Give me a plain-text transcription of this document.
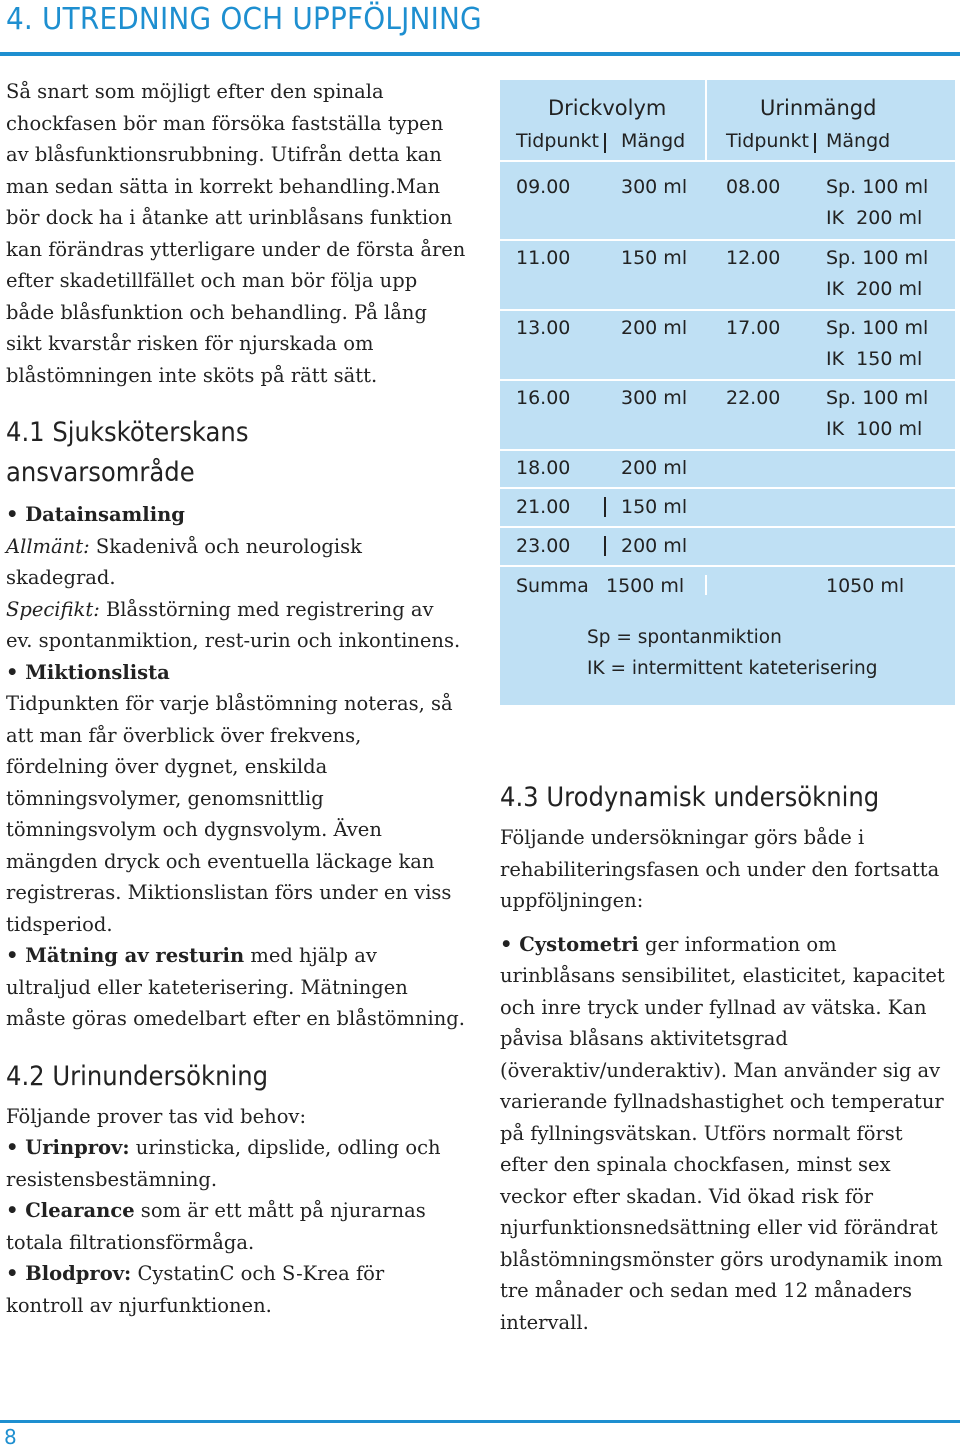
4. UTREDNING OCH UPPFÖLJNING

Så snart som möjligt efter den spinala chockfasen bör man försöka fastställa typen av blåsfunktionsrubbning. Utifrån detta kan man sedan sätta in korrekt behandling.Man bör dock ha i åtanke att urinblåsans funktion kan förändras ytterligare under de första åren efter skadetillfället och man bör följa upp både blåsfunktion och behandling. På lång sikt kvarstår risken för njurskada om blåstömningen inte sköts på rätt sätt.

4.1 Sjuksköterskans ansvarsområde

• Datainsamling

Allmänt: Skadenivå och neurologisk skadegrad.

Specifikt: Blåsstörning med registrering av ev. spontanmiktion, rest-urin och inkontinens.

• Miktionslista

Tidpunkten för varje blåstömning noteras, så att man får överblick över frekvens, fördelning över dygnet, enskilda tömningsvolymer, genomsnittlig tömningsvolym och dygnsvolym. Även mängden dryck och eventuella läckage kan registreras. Miktionslistan förs under en viss tidsperiod.

• Mätning av resturin med hjälp av ultraljud eller kateterisering. Mätningen måste göras omedelbart efter en blåstömning.

4.2 Urinundersökning

Följande prover tas vid behov:

• Urinprov: urinsticka, dipslide, odling och resistensbestämning.

• Clearance som är ett mått på njurarnas totala filtrationsförmåga.

• Blodprov: CystatinC och S-Krea för kontroll av njurfunktionen.

Drickvolym	Urinmängd
Tidpunkt Mängd Tidpunkt Mängd
09.00	300 ml 08.00 Sp. 100 ml
IK  200 ml
11.00	150 ml 12.00 Sp. 100 ml
IK  200 ml
13.00	200 ml 17.00 Sp. 100 ml
IK  150 ml
16.00	300 ml 22.00 Sp. 100 ml
IK  100 ml
18.00	200 ml
21.00	150 ml
23.00	200 ml
Summa 1500 ml	1050 ml
Sp = spontanmiktion
IK = intermittent kateterisering
4.3 Urodynamisk undersökning

Följande undersökningar görs både i rehabiliteringsfasen och under den fortsatta uppföljningen:

• Cystometri ger information om urinblåsans sensibilitet, elasticitet, kapacitet och inre tryck under fyllnad av vätska. Kan påvisa blåsans aktivitetsgrad (överaktiv/underaktiv). Man använder sig av varierande fyllnadshastighet och temperatur på fyllningsvätskan. Utförs normalt först efter den spinala chockfasen, minst sex veckor efter skadan. Vid ökad risk för njurfunktionsnedsättning eller vid förändrat blåstömningsmönster görs urodynamik inom tre månader och sedan med 12 månaders intervall.

8
